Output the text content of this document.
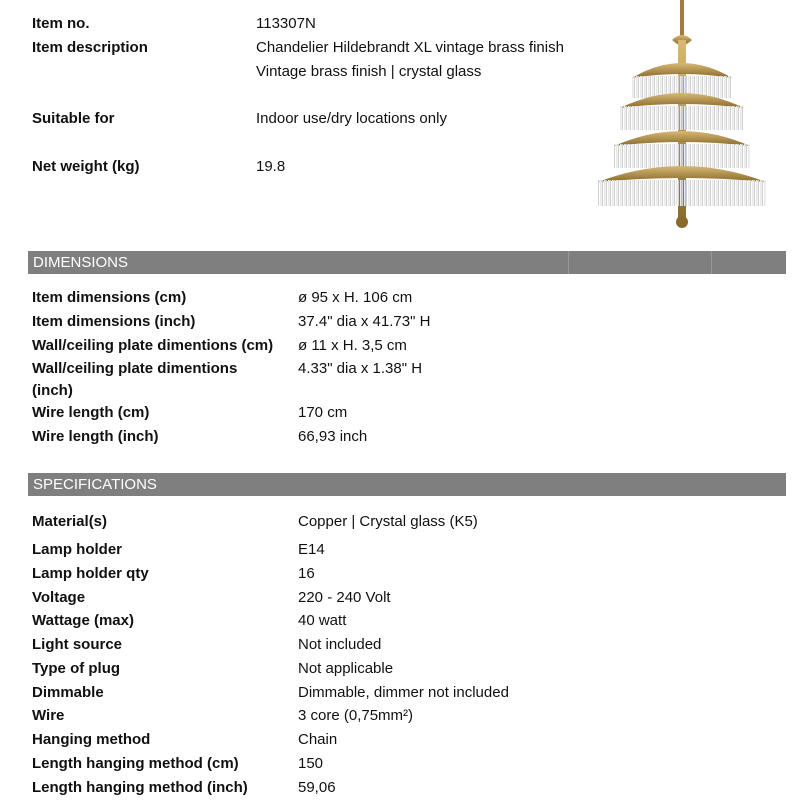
Item no.	113307N
Item description	Chandelier Hildebrandt XL vintage brass finish
Vintage brass finish | crystal glass
Suitable for	Indoor use/dry locations only
Net weight (kg)	19.8
DIMENSIONS
Item dimensions (cm)	ø 95 x H. 106 cm
Item dimensions (inch)	37.4" dia x 41.73" H
Wall/ceiling plate dimentions (cm) ø 11 x H. 3,5 cm
Wall/ceiling plate dimentions	4.33" dia x 1.38" H
(inch)
Wire length (cm)	170 cm
Wire length (inch)	66,93 inch
SPECIFICATIONS
Material(s)	Copper | Crystal glass (K5)
Lamp holder	E14
Lamp holder qty	16
Voltage	220 - 240 Volt
Wattage (max)	40 watt
Light source	Not included
Type of plug	Not applicable
Dimmable	Dimmable, dimmer not included
Wire	3 core (0,75mm²)
Hanging method	Chain
Length hanging method (cm)	150
Length hanging method (inch)	59,06
